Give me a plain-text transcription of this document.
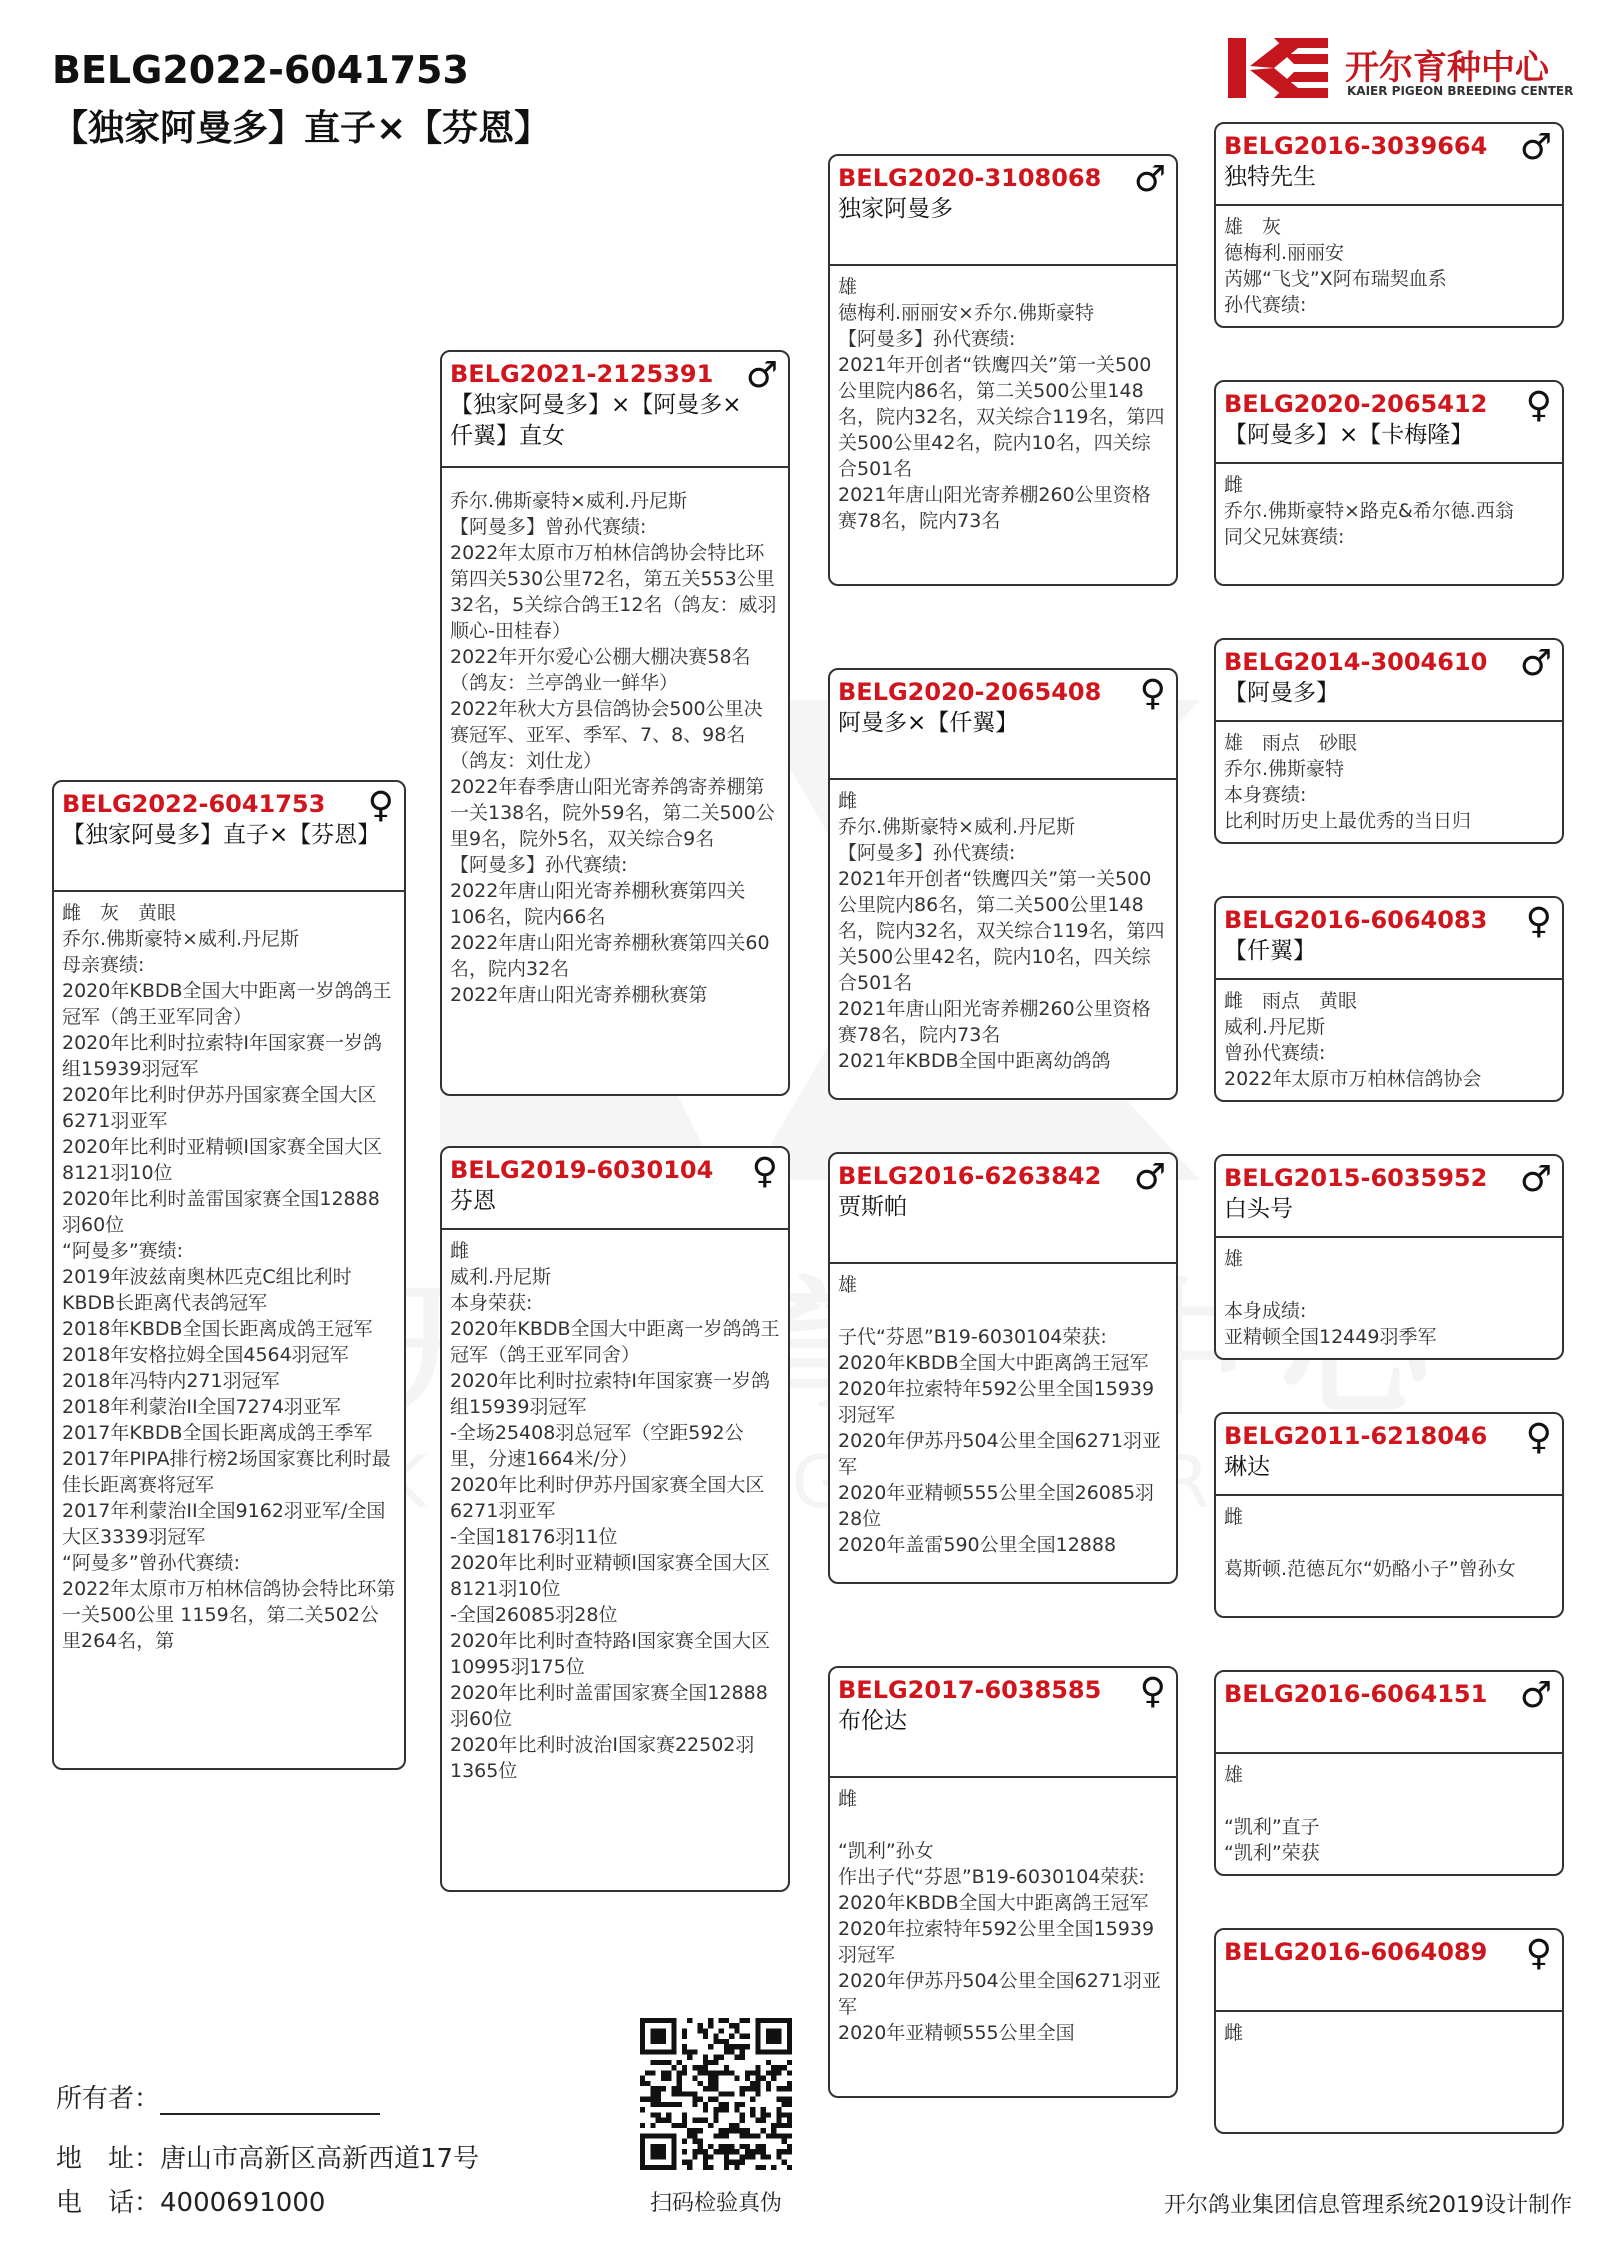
BELG2022-6041753
【独家阿曼多】直子×【芬恩】
开尔育种中心
KAIER PIGEON BREEDING CENTER
BELG2022-6041753
【独家阿曼多】直子×【芬恩】
♀
雌　灰　黄眼
乔尔.佛斯豪特×威利.丹尼斯
母亲赛绩:
2020年KBDB全国大中距离一岁鸽鸽王冠军（鸽王亚军同舍）
2020年比利时拉索特I年国家赛一岁鸽组15939羽冠军
2020年比利时伊苏丹国家赛全国大区6271羽亚军
2020年比利时亚精顿I国家赛全国大区8121羽10位
2020年比利时盖雷国家赛全国12888羽60位
“阿曼多”赛绩:
2019年波兹南奥林匹克C组比利时KBDB长距离代表鸽冠军
2018年KBDB全国长距离成鸽王冠军
2018年安格拉姆全国4564羽冠军
2018年冯特内271羽冠军
2018年利蒙治II全国7274羽亚军
2017年KBDB全国长距离成鸽王季军
2017年PIPA排行榜2场国家赛比利时最佳长距离赛将冠军
2017年利蒙治II全国9162羽亚军/全国大区3339羽冠军
“阿曼多”曾孙代赛绩:
2022年太原市万柏林信鸽协会特比环第一关500公里 1159名，第二关502公里264名，第
BELG2021-2125391
【独家阿曼多】×【阿曼多× 仟翼】直女
♂
乔尔.佛斯豪特×威利.丹尼斯
【阿曼多】曾孙代赛绩:
2022年太原市万柏林信鸽协会特比环第四关530公里72名，第五关553公里32名，5关综合鸽王12名（鸽友：威羽顺心-田桂春）
2022年开尔爱心公棚大棚决赛58名（鸽友：兰亭鸽业一鲜华）
2022年秋大方县信鸽协会500公里决赛冠军、亚军、季军、7、8、98名（鸽友：刘仕龙）
2022年春季唐山阳光寄养鸽寄养棚第一关138名，院外59名，第二关500公里9名，院外5名，双关综合9名
【阿曼多】孙代赛绩:
2022年唐山阳光寄养棚秋赛第四关106名，院内66名
2022年唐山阳光寄养棚秋赛第四关60名，院内32名
2022年唐山阳光寄养棚秋赛第
BELG2019-6030104
芬恩
♀
雌
威利.丹尼斯
本身荣获:
2020年KBDB全国大中距离一岁鸽鸽王冠军（鸽王亚军同舍）
2020年比利时拉索特I年国家赛一岁鸽组15939羽冠军
-全场25408羽总冠军（空距592公里，分速1664米/分）
2020年比利时伊苏丹国家赛全国大区6271羽亚军
-全国18176羽11位
2020年比利时亚精顿I国家赛全国大区8121羽10位
-全国26085羽28位
2020年比利时查特路I国家赛全国大区10995羽175位
2020年比利时盖雷国家赛全国12888羽60位
2020年比利时波治I国家赛22502羽1365位
BELG2020-3108068
独家阿曼多
♂
雄
德梅利.丽丽安×乔尔.佛斯豪特
【阿曼多】孙代赛绩:
2021年开创者“铁鹰四关”第一关500公里院内86名，第二关500公里148名，院内32名，双关综合119名，第四关500公里42名，院内10名，四关综合501名
2021年唐山阳光寄养棚260公里资格赛78名，院内73名
BELG2020-2065408
阿曼多×【仟翼】
♀
雌
乔尔.佛斯豪特×威利.丹尼斯
【阿曼多】孙代赛绩:
2021年开创者“铁鹰四关”第一关500公里院内86名，第二关500公里148名，院内32名，双关综合119名，第四关500公里42名，院内10名，四关综合501名
2021年唐山阳光寄养棚260公里资格赛78名，院内73名
2021年KBDB全国中距离幼鸽鸽
BELG2016-6263842
贾斯帕
♂
雄

子代“芬恩”B19-6030104荣获:
2020年KBDB全国大中距离鸽王冠军
2020年拉索特年592公里全国15939羽冠军
2020年伊苏丹504公里全国6271羽亚军
2020年亚精顿555公里全国26085羽28位
2020年盖雷590公里全国12888
BELG2017-6038585
布伦达
♀
雌

“凯利”孙女
作出子代“芬恩”B19-6030104荣获:
2020年KBDB全国大中距离鸽王冠军
2020年拉索特年592公里全国15939羽冠军
2020年伊苏丹504公里全国6271羽亚军
2020年亚精顿555公里全国
BELG2016-3039664
独特先生
♂
雄　灰
德梅利.丽丽安
芮娜“飞戈”X阿布瑞契血系
孙代赛绩:
BELG2020-2065412
【阿曼多】×【卡梅隆】
♀
雌
乔尔.佛斯豪特×路克&希尔德.西翁
同父兄妹赛绩:
BELG2014-3004610
【阿曼多】
♂
雄　雨点　砂眼
乔尔.佛斯豪特
本身赛绩:
比利时历史上最优秀的当日归
BELG2016-6064083
【仟翼】
♀
雌　雨点　黄眼
威利.丹尼斯
曾孙代赛绩:
2022年太原市万柏林信鸽协会
BELG2015-6035952
白头号
♂
雄

本身成绩:
亚精顿全国12449羽季军
BELG2011-6218046
琳达
♀
雌

葛斯顿.范德瓦尔“奶酪小子”曾孙女
BELG2016-6064151 ♂
雄

“凯利”直子
“凯利”荣获
BELG2016-6064089	♀
雌
所有者：
地　址：唐山市高新区高新西道17号
电　话：4000691000	扫码检验真伪	开尔鸽业集团信息管理系统2019设计制作
